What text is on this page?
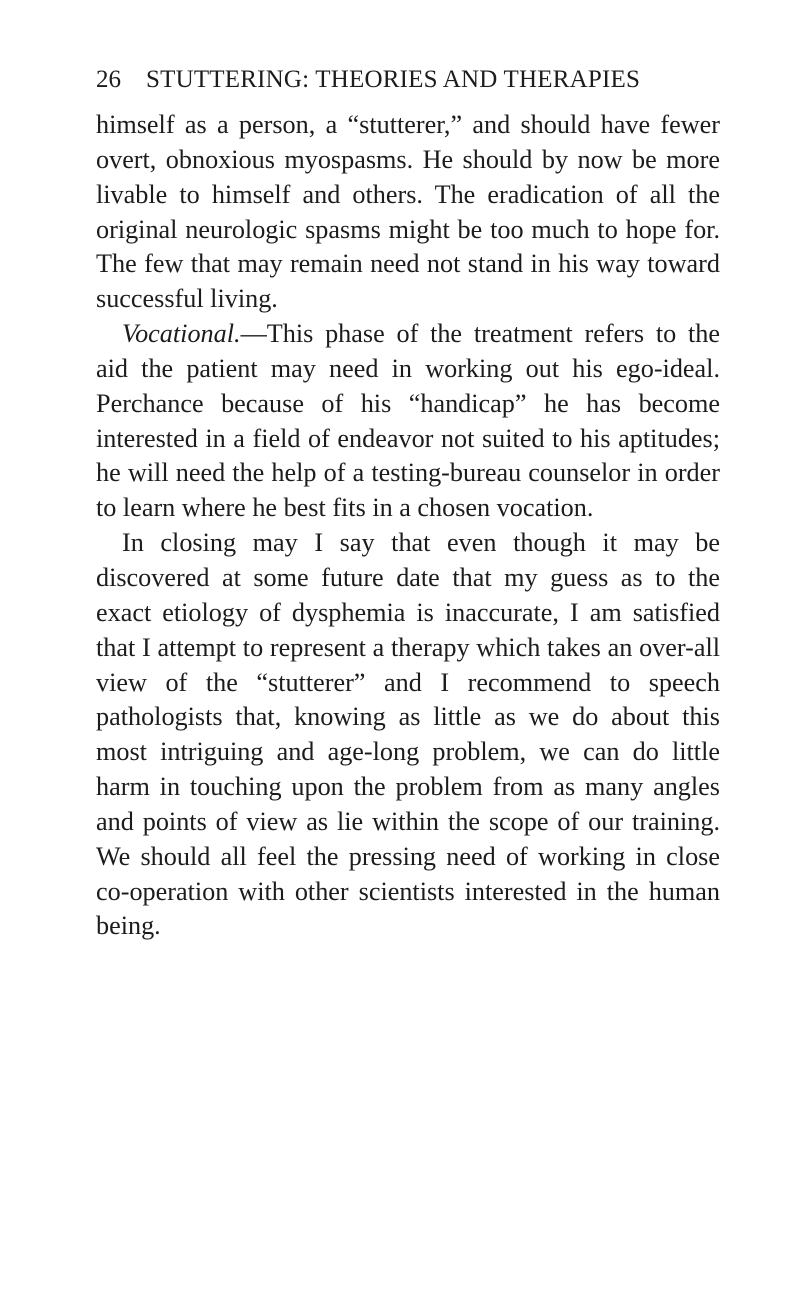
26 STUTTERING: THEORIES AND THERAPIES

himself as a person, a “stutterer,” and should have fewer overt, obnoxious myospasms. He should by now be more livable to himself and others. The eradication of all the original neurologic spasms might be too much to hope for. The few that may remain need not stand in his way toward successful living.

Vocational.—This phase of the treatment refers to the aid the patient may need in working out his ego-ideal. Perchance because of his “handicap” he has become interested in a field of endeavor not suited to his aptitudes; he will need the help of a testing-bureau counselor in order to learn where he best fits in a chosen vocation.

In closing may I say that even though it may be discovered at some future date that my guess as to the exact etiology of dysphemia is inaccurate, I am satisfied that I attempt to represent a therapy which takes an over-all view of the “stutterer” and I recommend to speech pathologists that, knowing as little as we do about this most intriguing and age-long problem, we can do little harm in touching upon the problem from as many angles and points of view as lie within the scope of our training. We should all feel the pressing need of working in close co-operation with other scientists interested in the human being.
